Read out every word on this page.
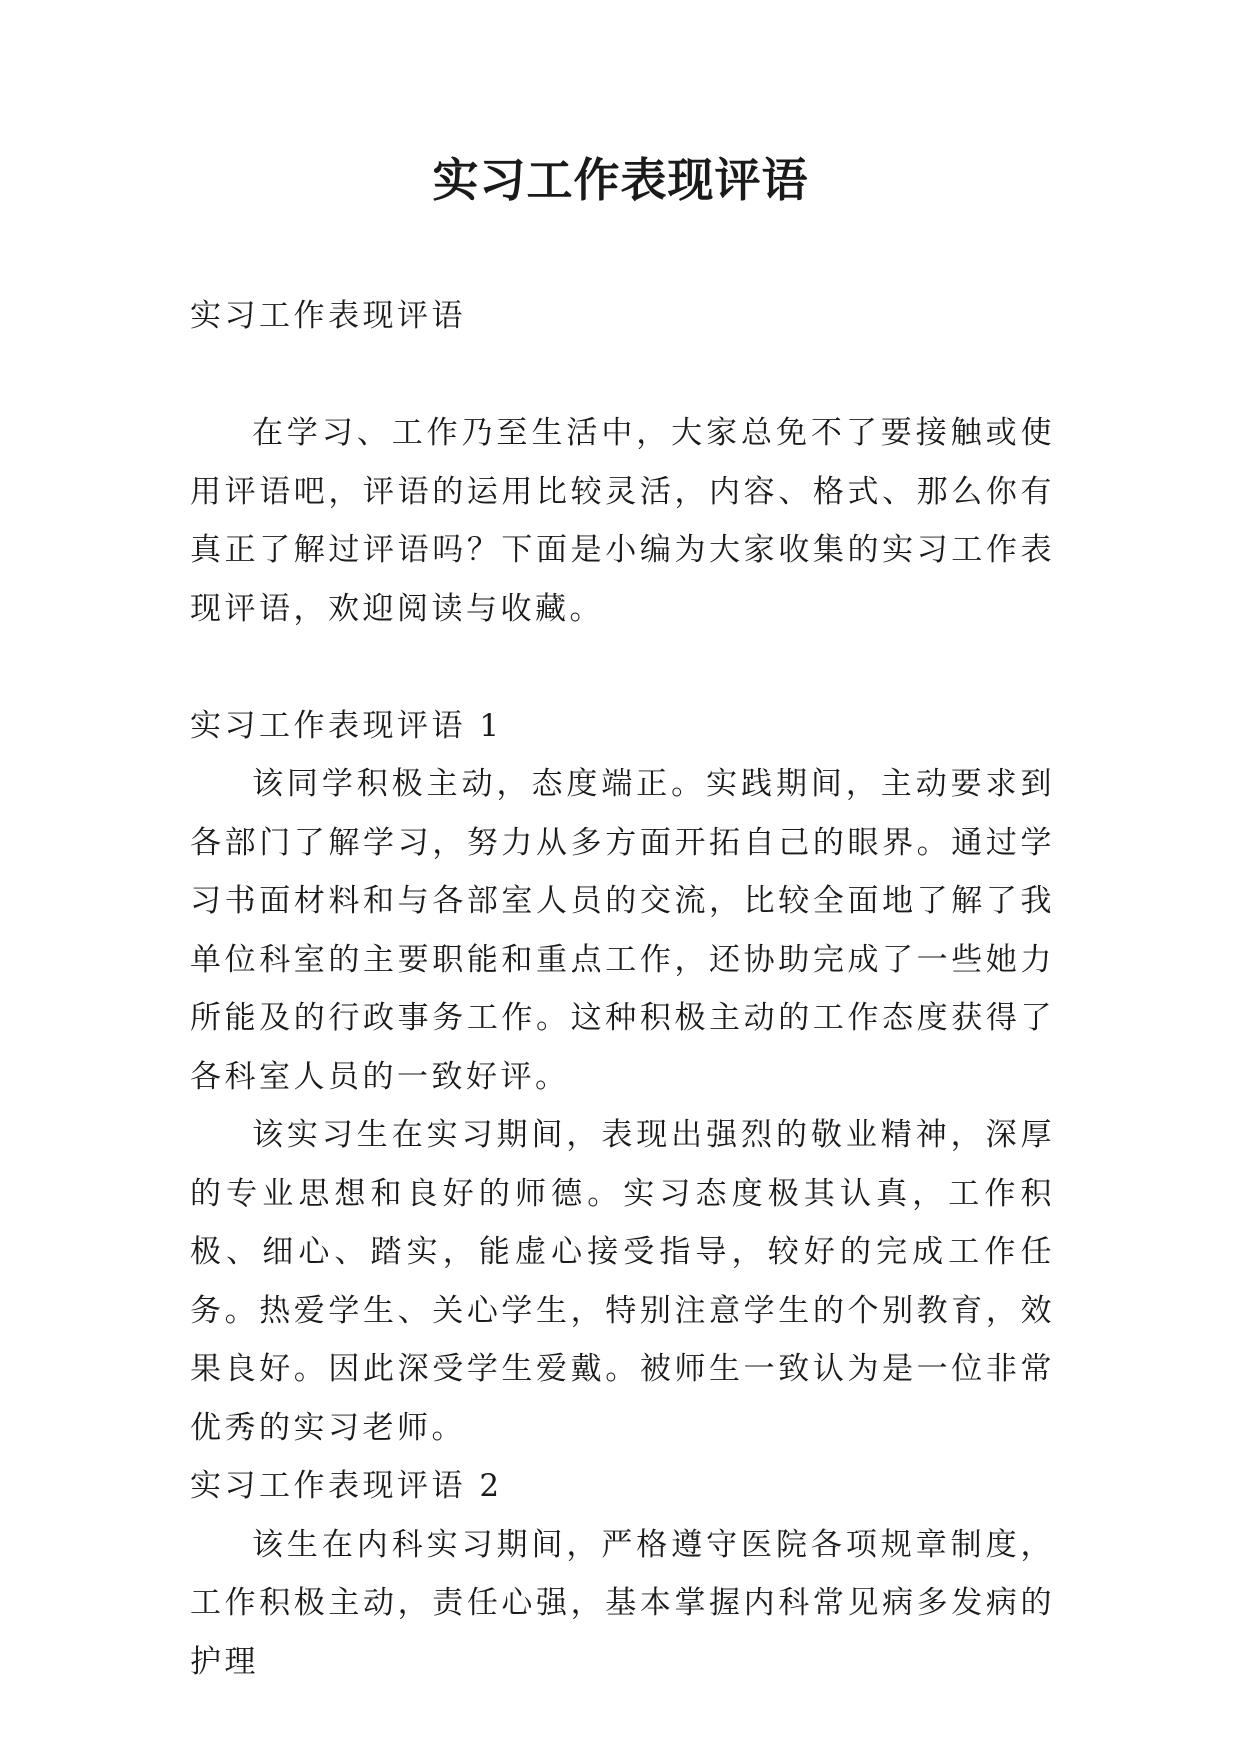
实习工作表现评语

实习工作表现评语

在学习、工作乃至生活中，大家总免不了要接触或使用评语吧，评语的运用比较灵活，内容、格式、那么你有真正了解过评语吗？下面是小编为大家收集的实习工作表现评语，欢迎阅读与收藏。

实习工作表现评语 1

该同学积极主动，态度端正。实践期间，主动要求到各部门了解学习，努力从多方面开拓自己的眼界。通过学习书面材料和与各部室人员的交流，比较全面地了解了我单位科室的主要职能和重点工作，还协助完成了一些她力所能及的行政事务工作。这种积极主动的工作态度获得了各科室人员的一致好评。

该实习生在实习期间，表现出强烈的敬业精神，深厚的专业思想和良好的师德。实习态度极其认真，工作积极、细心、踏实，能虚心接受指导，较好的完成工作任务。热爱学生、关心学生，特别注意学生的个别教育，效果良好。因此深受学生爱戴。被师生一致认为是一位非常优秀的实习老师。

实习工作表现评语 2

该生在内科实习期间，严格遵守医院各项规章制度，工作积极主动，责任心强，基本掌握内科常见病多发病的护理
